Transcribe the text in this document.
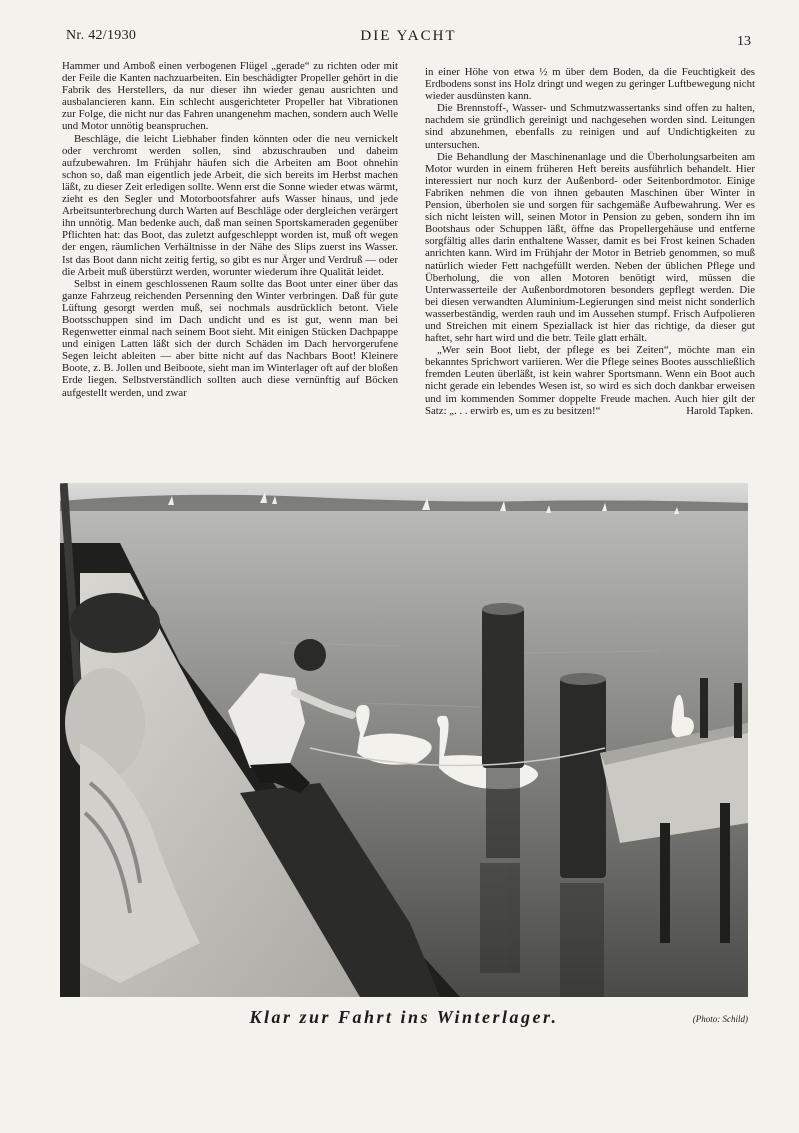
Nr. 42/1930	DIE YACHT	13

Hammer und Amboß einen verbogenen Flügel „gerade“ zu richten oder mit der Feile die Kanten nachzuarbeiten. Ein beschädigter Propeller gehört in die Fabrik des Herstellers, da nur dieser ihn wieder genau ausrichten und ausbalancieren kann. Ein schlecht ausgerichteter Propeller hat Vibrationen zur Folge, die nicht nur das Fahren unangenehm machen, sondern auch Welle und Motor unnötig beanspruchen.

Beschläge, die leicht Liebhaber finden könnten oder die neu vernickelt oder verchromt werden sollen, sind abzuschrauben und daheim aufzubewahren. Im Frühjahr häufen sich die Arbeiten am Boot ohnehin schon so, daß man eigentlich jede Arbeit, die sich bereits im Herbst machen läßt, zu dieser Zeit erledigen sollte. Wenn erst die Sonne wieder etwas wärmt, zieht es den Segler und Motorbootsfahrer aufs Wasser hinaus, und jede Arbeitsunterbrechung durch Warten auf Beschläge oder dergleichen verärgert ihn unnötig. Man bedenke auch, daß man seinen Sportskameraden gegenüber Pflichten hat: das Boot, das zuletzt aufgeschleppt worden ist, muß oft wegen der engen, räumlichen Verhältnisse in der Nähe des Slips zuerst ins Wasser. Ist das Boot dann nicht zeitig fertig, so gibt es nur Ärger und Verdruß — oder die Arbeit muß überstürzt werden, worunter wiederum ihre Qualität leidet.

Selbst in einem geschlossenen Raum sollte das Boot unter einer über das ganze Fahrzeug reichenden Persenning den Winter verbringen. Daß für gute Lüftung gesorgt werden muß, sei nochmals ausdrücklich betont. Viele Bootsschuppen sind im Dach undicht und es ist gut, wenn man bei Regenwetter einmal nach seinem Boot sieht. Mit einigen Stücken Dachpappe und einigen Latten läßt sich der durch Schäden im Dach hervorgerufene Segen leicht ableiten — aber bitte nicht auf das Nachbars Boot! Kleinere Boote, z. B. Jollen und Beiboote, sieht man im Winterlager oft auf der bloßen Erde liegen. Selbstverständlich sollten auch diese vernünftig auf Böcken aufgestellt werden, und zwar

in einer Höhe von etwa ½ m über dem Boden, da die Feuchtigkeit des Erdbodens sonst ins Holz dringt und wegen zu geringer Luftbewegung nicht wieder ausdünsten kann.

Die Brennstoff-, Wasser- und Schmutzwassertanks sind offen zu halten, nachdem sie gründlich gereinigt und nachgesehen worden sind. Leitungen sind abzunehmen, ebenfalls zu reinigen und auf Undichtigkeiten zu untersuchen.

Die Behandlung der Maschinenanlage und die Überholungsarbeiten am Motor wurden in einem früheren Heft bereits ausführlich behandelt. Hier interessiert nur noch kurz der Außenbord- oder Seitenbordmotor. Einige Fabriken nehmen die von ihnen gebauten Maschinen über Winter in Pension, überholen sie und sorgen für sachgemäße Aufbewahrung. Wer es sich nicht leisten will, seinen Motor in Pension zu geben, sondern ihn im Bootshaus oder Schuppen läßt, öffne das Propellergehäuse und entferne sorgfältig alles darin enthaltene Wasser, damit es bei Frost keinen Schaden anrichten kann. Wird im Frühjahr der Motor in Betrieb genommen, so muß natürlich wieder Fett nachgefüllt werden. Neben der üblichen Pflege und Überholung, die von allen Motoren benötigt wird, müssen die Unterwasserteile der Außenbordmotoren besonders gepflegt werden. Die bei diesen verwandten Aluminium-Legierungen sind meist nicht sonderlich wasserbeständig, werden rauh und im Aussehen stumpf. Frisch Aufpolieren und Streichen mit einem Speziallack ist hier das richtige, da dieser gut haftet, sehr hart wird und die betr. Teile glatt erhält.

„Wer sein Boot liebt, der pflege es bei Zeiten“, möchte man ein bekanntes Sprichwort variieren. Wer die Pflege seines Bootes ausschließlich fremden Leuten überläßt, ist kein wahrer Sportsmann. Wenn ein Boot auch nicht gerade ein lebendes Wesen ist, so wird es sich doch dankbar erweisen und im kommenden Sommer doppelte Freude machen. Auch hier gilt der Satz: „. . . erwirb es, um es zu besitzen!“	Harold Tapken.

Klar zur Fahrt ins Winterlager.	(Photo: Schild)
